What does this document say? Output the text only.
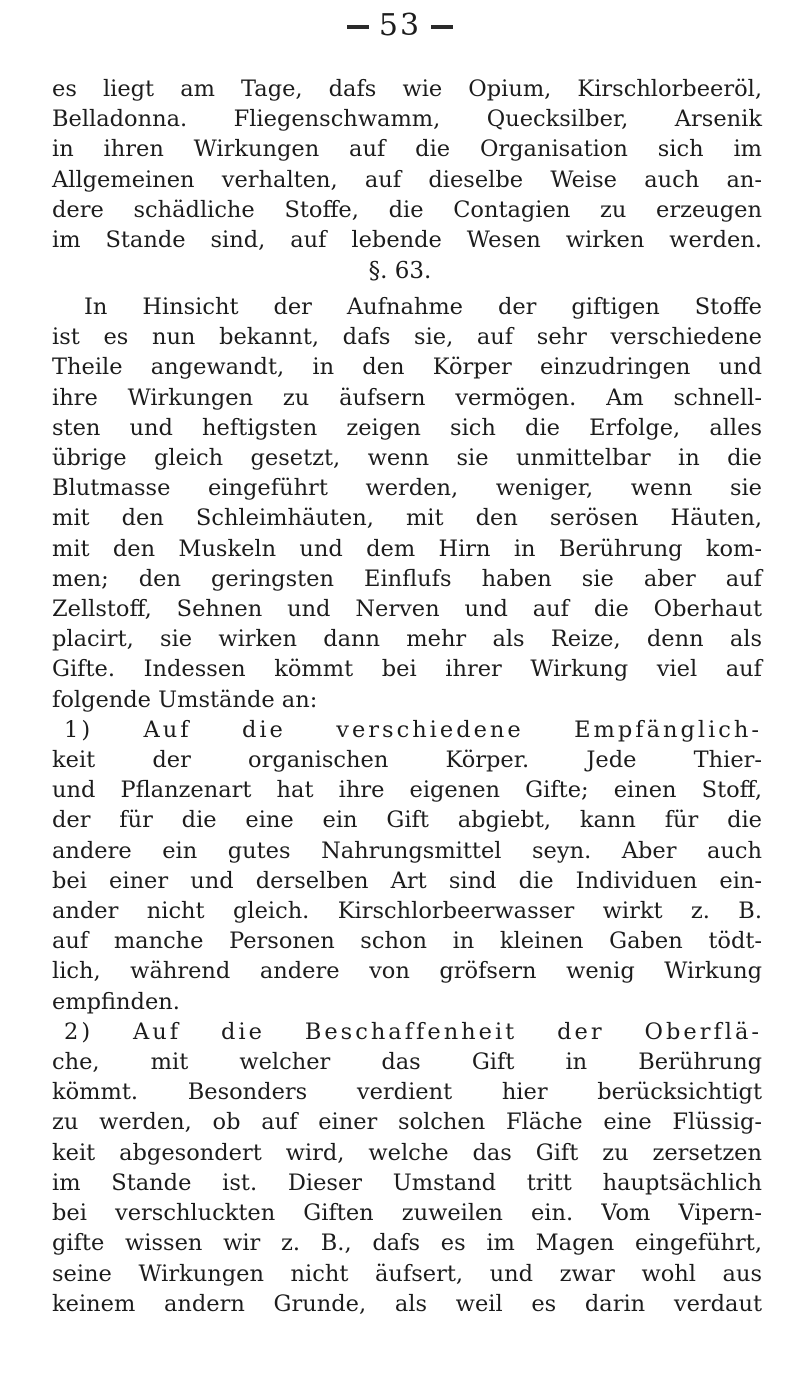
53
es liegt am Tage, dafs wie Opium, Kirschlorbeeröl,
Belladonna. Fliegenschwamm, Quecksilber, Arsenik
in ihren Wirkungen auf die Organisation sich im
Allgemeinen verhalten, auf dieselbe Weise auch an-
dere schädliche Stoffe, die Contagien zu erzeugen
im Stande sind, auf lebende Wesen wirken werden.
§. 63.
In Hinsicht der Aufnahme der giftigen Stoffe
ist es nun bekannt, dafs sie, auf sehr verschiedene
Theile angewandt, in den Körper einzudringen und
ihre Wirkungen zu äufsern vermögen. Am schnell-
sten und heftigsten zeigen sich die Erfolge, alles
übrige gleich gesetzt, wenn sie unmittelbar in die
Blutmasse eingeführt werden, weniger, wenn sie
mit den Schleimhäuten, mit den serösen Häuten,
mit den Muskeln und dem Hirn in Berührung kom-
men; den geringsten Einflufs haben sie aber auf
Zellstoff, Sehnen und Nerven und auf die Oberhaut
placirt, sie wirken dann mehr als Reize, denn als
Gifte. Indessen kömmt bei ihrer Wirkung viel auf
folgende Umstände an:
1) Auf die verschiedene Empfänglich-
keit der organischen Körper. Jede Thier-
und Pflanzenart hat ihre eigenen Gifte; einen Stoff,
der für die eine ein Gift abgiebt, kann für die
andere ein gutes Nahrungsmittel seyn. Aber auch
bei einer und derselben Art sind die Individuen ein-
ander nicht gleich. Kirschlorbeerwasser wirkt z. B.
auf manche Personen schon in kleinen Gaben tödt-
lich, während andere von gröfsern wenig Wirkung
empfinden.
2) Auf die Beschaffenheit der Oberflä-
che, mit welcher das Gift in Berührung
kömmt. Besonders verdient hier berücksichtigt
zu werden, ob auf einer solchen Fläche eine Flüssig-
keit abgesondert wird, welche das Gift zu zersetzen
im Stande ist. Dieser Umstand tritt hauptsächlich
bei verschluckten Giften zuweilen ein. Vom Vipern-
gifte wissen wir z. B., dafs es im Magen eingeführt,
seine Wirkungen nicht äufsert, und zwar wohl aus
keinem andern Grunde, als weil es darin verdaut
